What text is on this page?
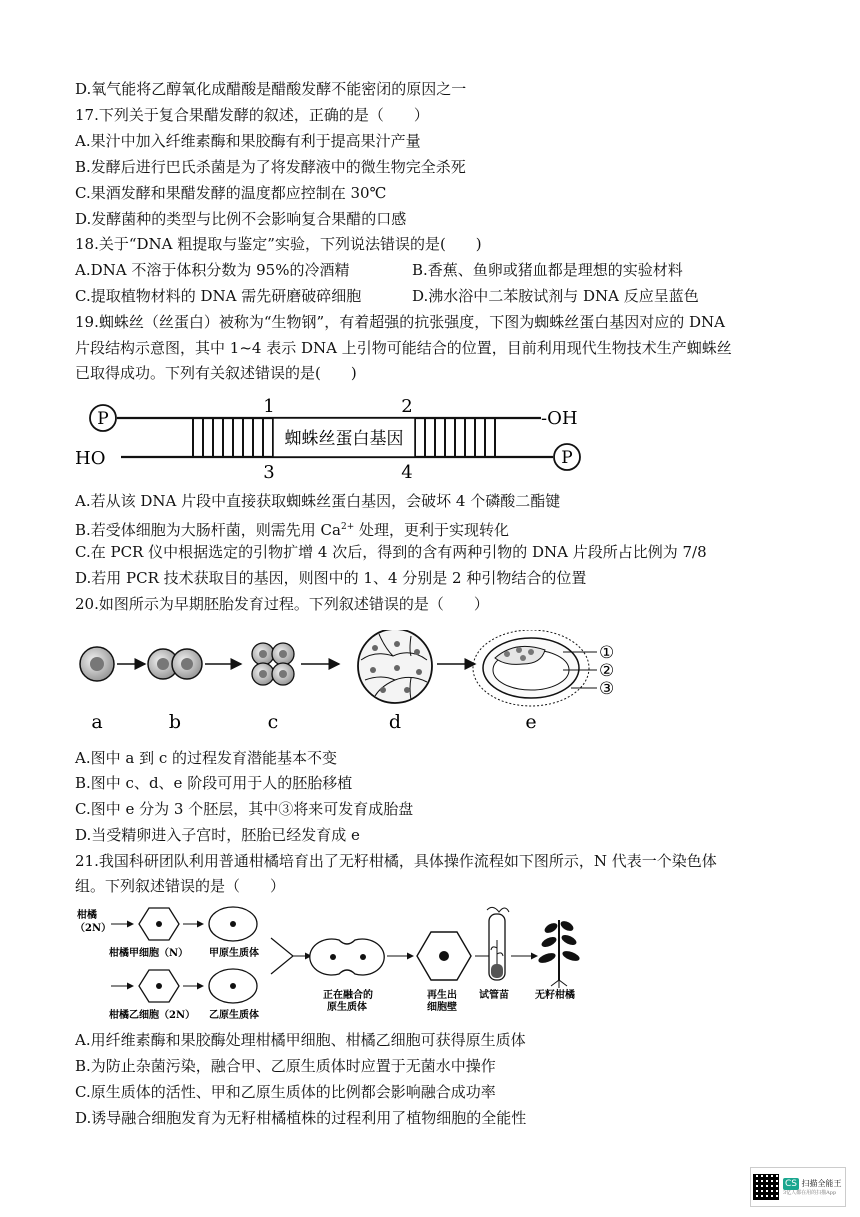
D.氧气能将乙醇氧化成醋酸是醋酸发酵不能密闭的原因之一
17.下列关于复合果醋发酵的叙述，正确的是（　　）
A.果汁中加入纤维素酶和果胶酶有利于提高果汁产量
B.发酵后进行巴氏杀菌是为了将发酵液中的微生物完全杀死
C.果酒发酵和果醋发酵的温度都应控制在 30℃
D.发酵菌种的类型与比例不会影响复合果醋的口感
18.关于“DNA 粗提取与鉴定”实验，下列说法错误的是(　　)
A.DNA 不溶于体积分数为 95%的冷酒精	B.香蕉、鱼卵或猪血都是理想的实验材料
C.提取植物材料的 DNA 需先研磨破碎细胞	D.沸水浴中二苯胺试剂与 DNA 反应呈蓝色
19.蜘蛛丝（丝蛋白）被称为“生物钢”，有着超强的抗张强度，下图为蜘蛛丝蛋白基因对应的 DNA
片段结构示意图，其中 1~4 表示 DNA 上引物可能结合的位置，目前利用现代生物技术生产蜘蛛丝
已取得成功。下列有关叙述错误的是(　　)
蜘蛛丝蛋白基因
P
P
-OH
HO
1	2
3	4
A.若从该 DNA 片段中直接获取蜘蛛丝蛋白基因，会破坏 4 个磷酸二酯键
B.若受体细胞为大肠杆菌，则需先用 $Ca^{2+}$ 处理，更利于实现转化
C.在 PCR 仪中根据选定的引物扩增 4 次后，得到的含有两种引物的 DNA 片段所占比例为 7/8
D.若用 PCR 技术获取目的基因，则图中的 1、4 分别是 2 种引物结合的位置
20.如图所示为早期胚胎发育过程。下列叙述错误的是（　　）
①
②
③
a	b	c	d	e
A.图中 a 到 c 的过程发育潜能基本不变
B.图中 c、d、e 阶段可用于人的胚胎移植
C.图中 e 分为 3 个胚层，其中③将来可发育成胎盘
D.当受精卵进入子宫时，胚胎已经发育成 e
21.我国科研团队利用普通柑橘培育出了无籽柑橘，具体操作流程如下图所示，N 代表一个染色体
组。下列叙述错误的是（　　）
柑橘
（2N）
柑橘甲细胞（N） 甲原生质体
柑橘乙细胞（2N） 乙原生质体
正在融合的
原生质体
再生出
细胞壁
试管苗	无籽柑橘
A.用纤维素酶和果胶酶处理柑橘甲细胞、柑橘乙细胞可获得原生质体
B.为防止杂菌污染，融合甲、乙原生质体时应置于无菌水中操作
C.原生质体的活性、甲和乙原生质体的比例都会影响融合成功率
D.诱导融合细胞发育为无籽柑橘植株的过程利用了植物细胞的全能性
CS 扫描全能王
3亿人都在用的扫描App
